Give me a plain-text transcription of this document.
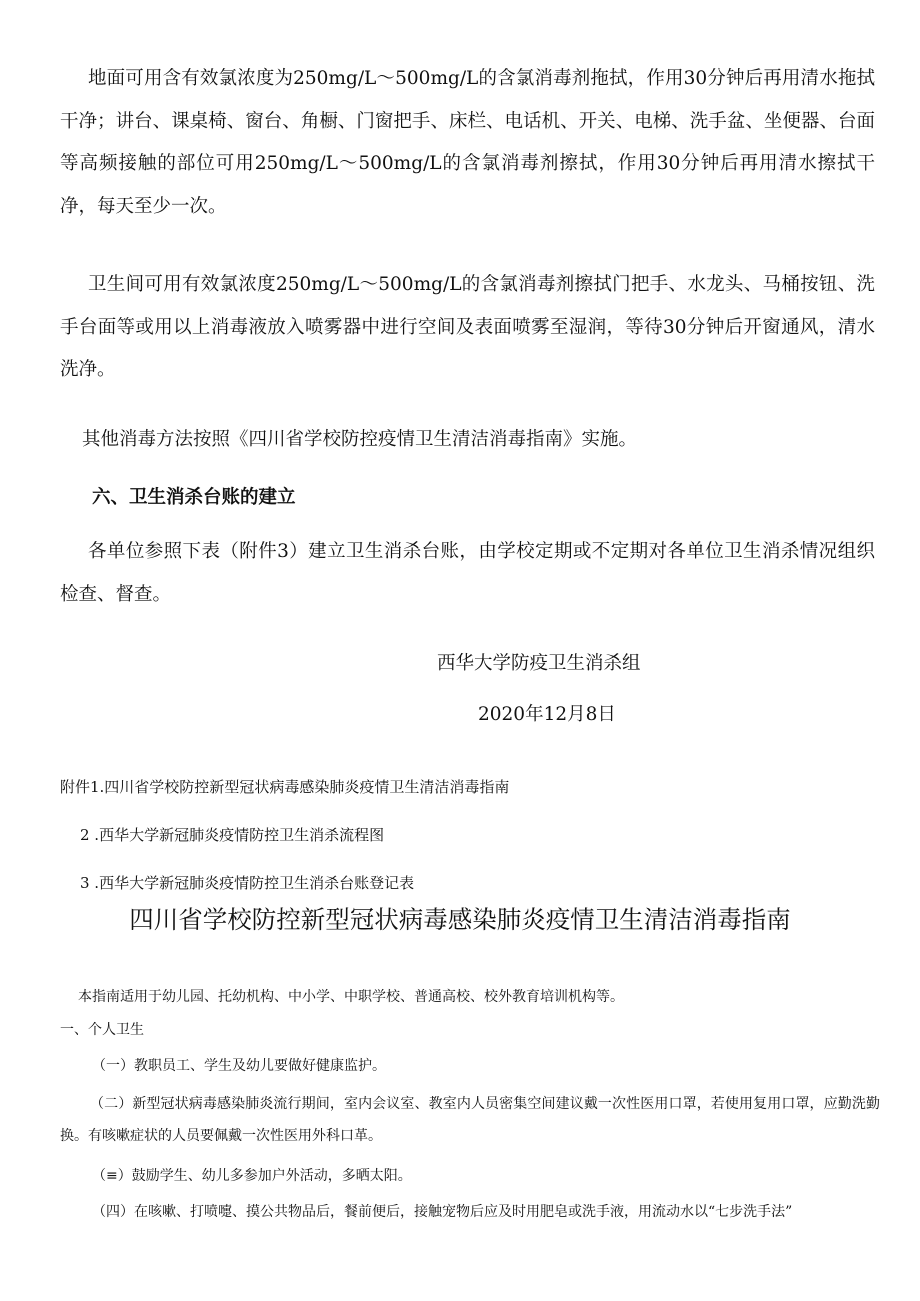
地面可用含有效氯浓度为250mg/L～500mg/L的含氯消毒剂拖拭，作用30分钟后再用清水拖拭干净；讲台、课桌椅、窗台、角橱、门窗把手、床栏、电话机、开关、电梯、洗手盆、坐便器、台面等高频接触的部位可用250mg/L～500mg/L的含氯消毒剂擦拭，作用30分钟后再用清水擦拭干净，每天至少一次。

卫生间可用有效氯浓度250mg/L～500mg/L的含氯消毒剂擦拭门把手、水龙头、马桶按钮、洗手台面等或用以上消毒液放入喷雾器中进行空间及表面喷雾至湿润，等待30分钟后开窗通风，清水洗净。

其他消毒方法按照《四川省学校防控疫情卫生清洁消毒指南》实施。

六、卫生消杀台账的建立

各单位参照下表（附件3）建立卫生消杀台账，由学校定期或不定期对各单位卫生消杀情况组织检查、督查。

西华大学防疫卫生消杀组

2020年12月8日

附件1.四川省学校防控新型冠状病毒感染肺炎疫情卫生清洁消毒指南

2 .西华大学新冠肺炎疫情防控卫生消杀流程图

3 .西华大学新冠肺炎疫情防控卫生消杀台账登记表

四川省学校防控新型冠状病毒感染肺炎疫情卫生清洁消毒指南

本指南适用于幼儿园、托幼机构、中小学、中职学校、普通高校、校外教育培训机构等。

一、个人卫生

（一）教职员工、学生及幼儿要做好健康监护。

（二）新型冠状病毒感染肺炎流行期间，室内会议室、教室内人员密集空间建议戴一次性医用口罩，若使用复用口罩，应勤洗勤换。有咳嗽症状的人员要佩戴一次性医用外科口革。

（≡）鼓励学生、幼儿多参加户外活动，多晒太阳。

（四）在咳嗽、打喷嚏、摸公共物品后，餐前便后，接触宠物后应及时用肥皂或洗手液，用流动水以“七步洗手法”
